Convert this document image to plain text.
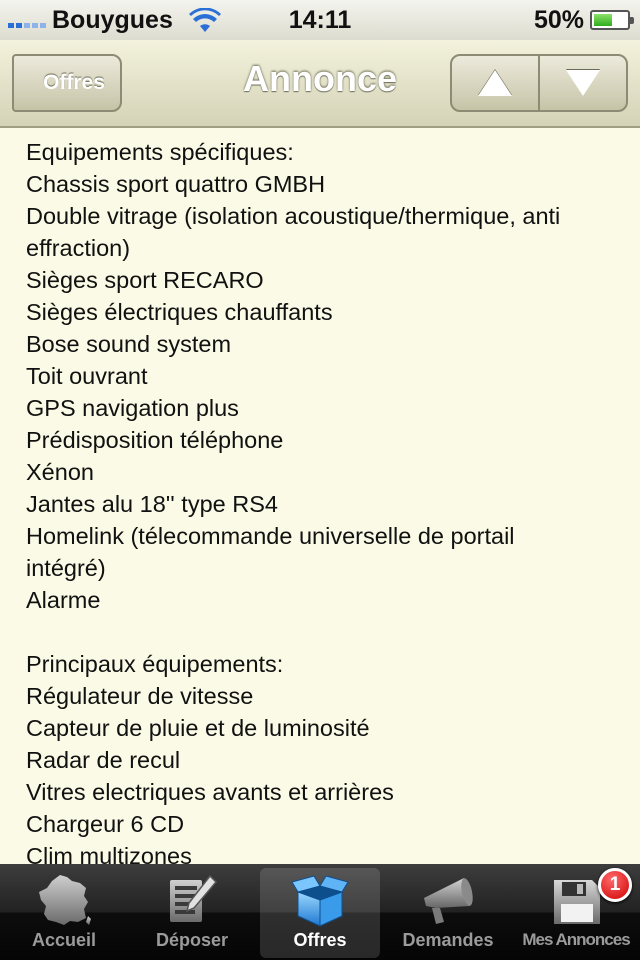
Bouygues	14:11	50%
Offres	Annonce
Equipements spécifiques:
Chassis sport quattro GMBH
Double vitrage (isolation acoustique/thermique, anti
effraction)
Sièges sport RECARO
Sièges électriques chauffants
Bose sound system
Toit ouvrant
GPS navigation plus
Prédisposition téléphone
Xénon
Jantes alu 18'' type RS4
Homelink (télecommande universelle de portail
intégré)
Alarme
Principaux équipements:
Régulateur de vitesse
Capteur de pluie et de luminosité
Radar de recul
Vitres electriques avants et arrières
Chargeur 6 CD
Clim multizones
Accueil	Déposer	Offres	Demandes
1
Mes Annonces
